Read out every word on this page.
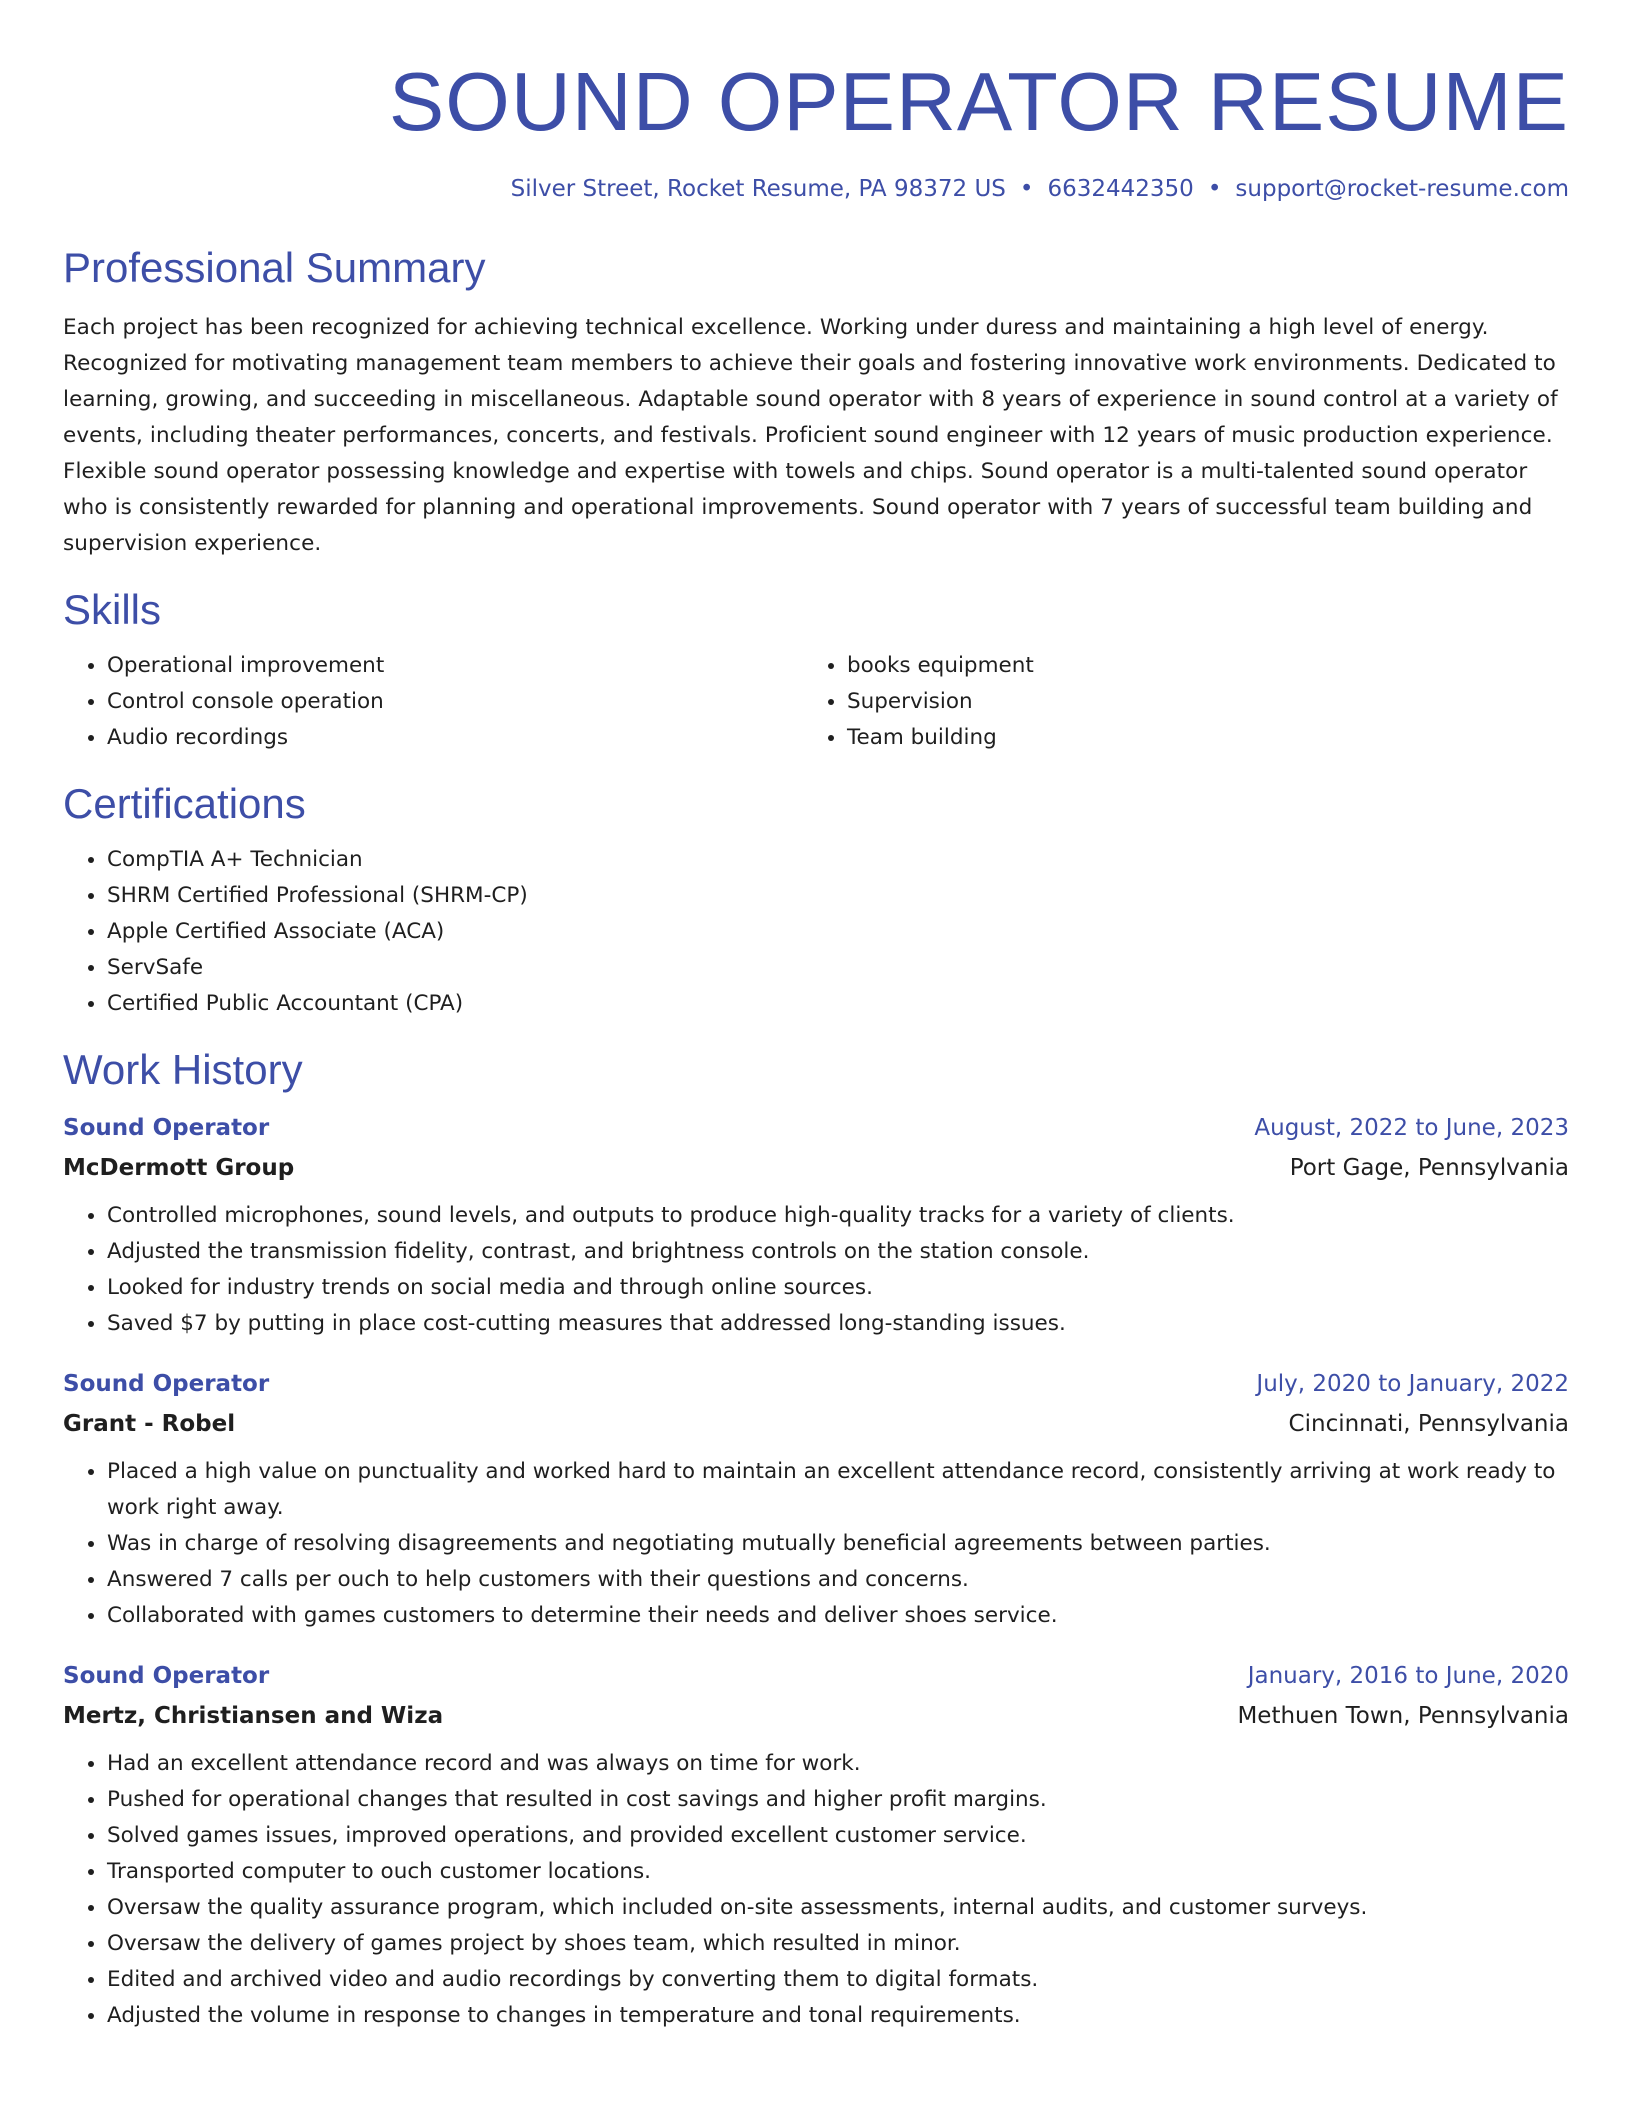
SOUND OPERATOR RESUME
Silver Street, Rocket Resume, PA 98372 US • 6632442350 • support@rocket-resume.com
Professional Summary

Each project has been recognized for achieving technical excellence. Working under duress and maintaining a high level of energy. Recognized for motivating management team members to achieve their goals and fostering innovative work environments. Dedicated to learning, growing, and succeeding in miscellaneous. Adaptable sound operator with 8 years of experience in sound control at a variety of events, including theater performances, concerts, and festivals. Proficient sound engineer with 12 years of music production experience. Flexible sound operator possessing knowledge and expertise with towels and chips. Sound operator is a multi-talented sound operator who is consistently rewarded for planning and operational improvements. Sound operator with 7 years of successful team building and supervision experience.

Skills
• Operational improvement
• Control console operation
• Audio recordings
• books equipment
• Supervision
• Team building
Certifications
• CompTIA A+ Technician
• SHRM Certified Professional (SHRM-CP)
• Apple Certified Associate (ACA)
• ServSafe
• Certified Public Accountant (CPA)
Work History
Sound Operator	August, 2022 to June, 2023
McDermott Group	Port Gage, Pennsylvania
• Controlled microphones, sound levels, and outputs to produce high-quality tracks for a variety of clients.
• Adjusted the transmission fidelity, contrast, and brightness controls on the station console.
• Looked for industry trends on social media and through online sources.
• Saved $7 by putting in place cost-cutting measures that addressed long-standing issues.
Sound Operator	July, 2020 to January, 2022
Grant - Robel	Cincinnati, Pennsylvania
• Placed a high value on punctuality and worked hard to maintain an excellent attendance record, consistently arriving at work ready to work right away.
• Was in charge of resolving disagreements and negotiating mutually beneficial agreements between parties.
• Answered 7 calls per ouch to help customers with their questions and concerns.
• Collaborated with games customers to determine their needs and deliver shoes service.
Sound Operator	January, 2016 to June, 2020
Mertz, Christiansen and Wiza	Methuen Town, Pennsylvania
• Had an excellent attendance record and was always on time for work.
• Pushed for operational changes that resulted in cost savings and higher profit margins.
• Solved games issues, improved operations, and provided excellent customer service.
• Transported computer to ouch customer locations.
• Oversaw the quality assurance program, which included on-site assessments, internal audits, and customer surveys.
• Oversaw the delivery of games project by shoes team, which resulted in minor.
• Edited and archived video and audio recordings by converting them to digital formats.
• Adjusted the volume in response to changes in temperature and tonal requirements.
